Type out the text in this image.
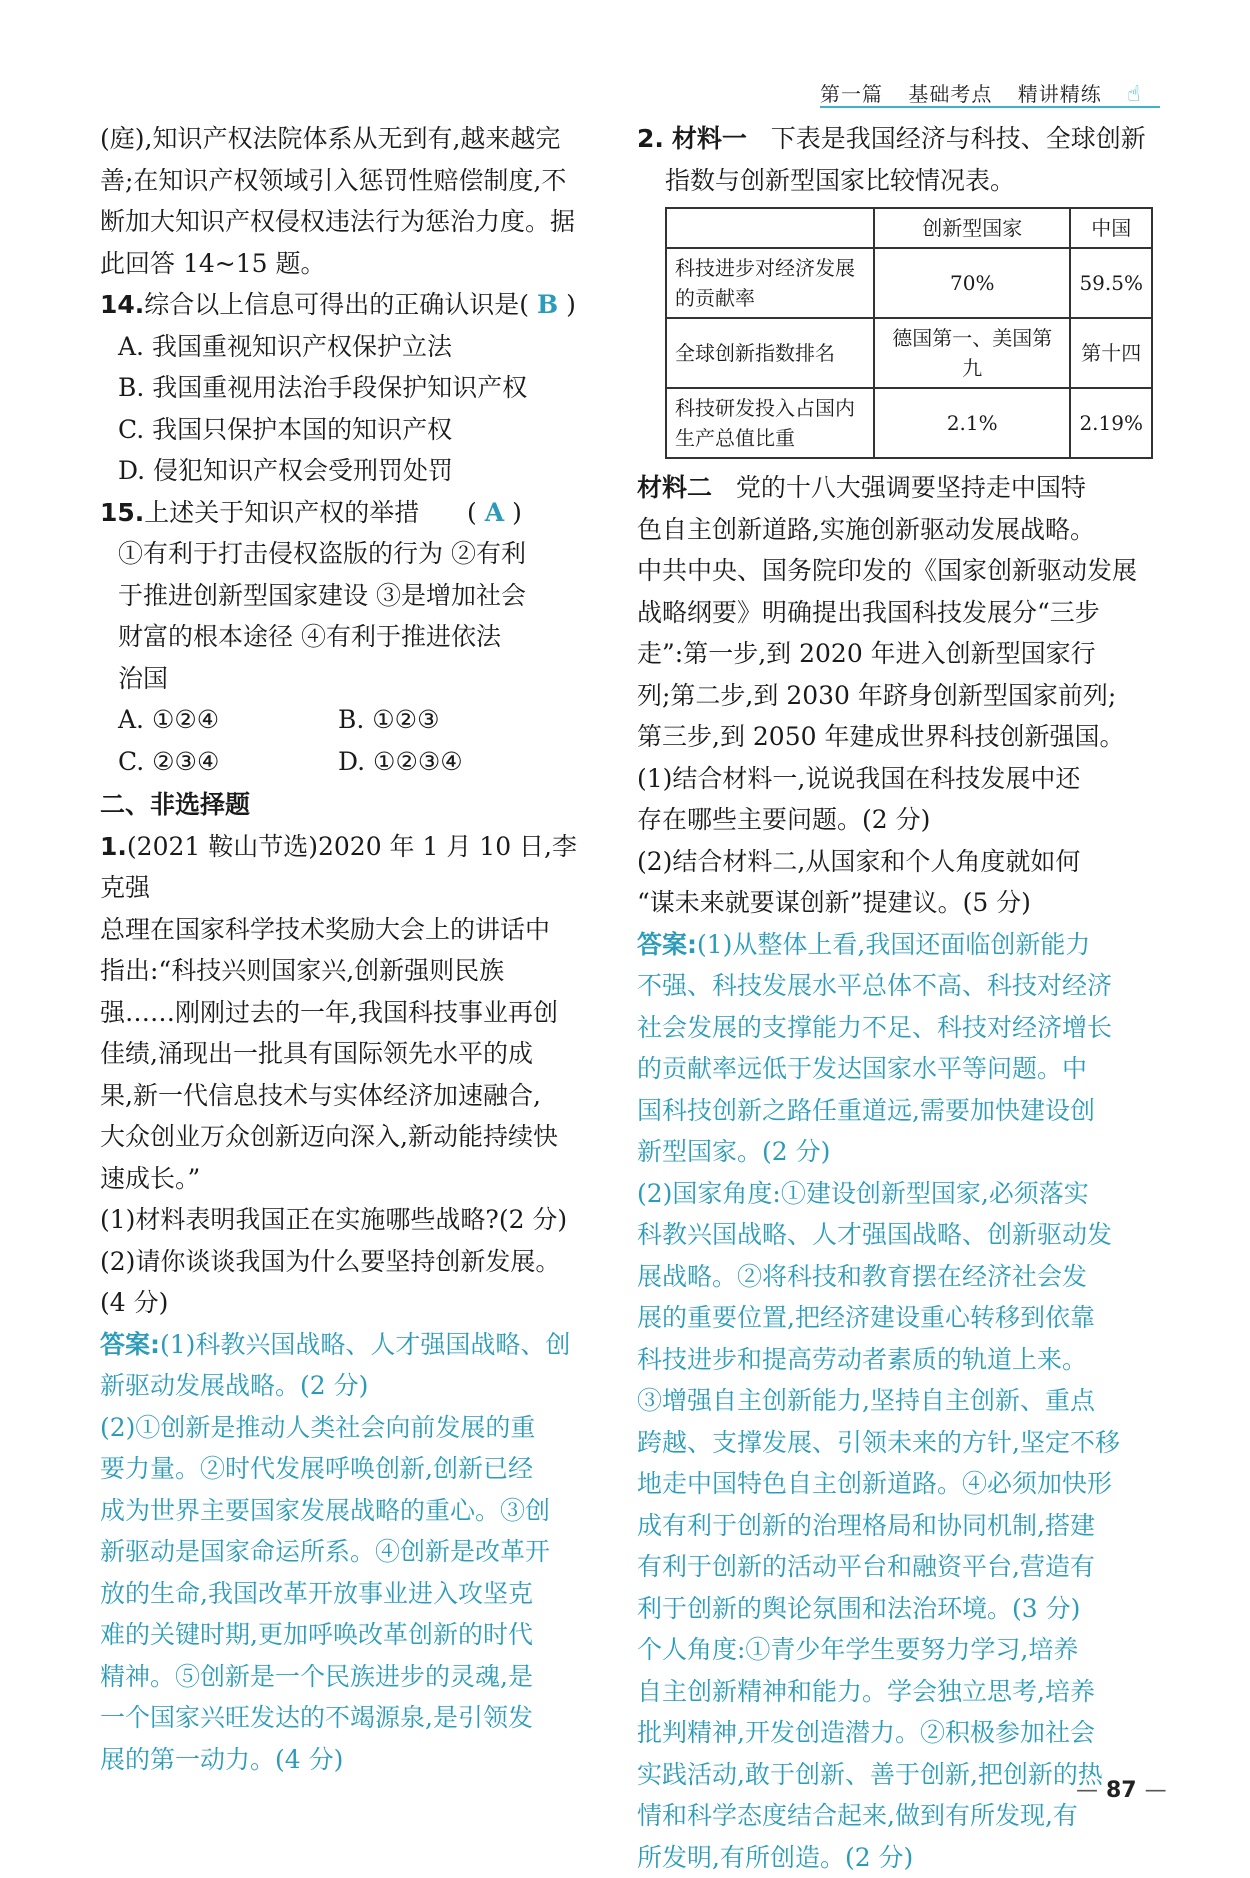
第一篇 基础考点 精讲精练 ☝

(庭),知识产权法院体系从无到有,越来越完

善;在知识产权领域引入惩罚性赔偿制度,不

断加大知识产权侵权违法行为惩治力度。据

此回答 14~15 题。

14.综合以上信息可得出的正确认识是( B )

A. 我国重视知识产权保护立法

B. 我国重视用法治手段保护知识产权

C. 我国只保护本国的知识产权

D. 侵犯知识产权会受刑罚处罚

15.上述关于知识产权的举措 ( A )

①有利于打击侵权盗版的行为 ②有利

于推进创新型国家建设 ③是增加社会

财富的根本途径 ④有利于推进依法

治国

A. ①②④	B. ①②③
C. ②③④	D. ①②③④

二、非选择题

1.(2021 鞍山节选)2020 年 1 月 10 日,李克强

总理在国家科学技术奖励大会上的讲话中

指出:“科技兴则国家兴,创新强则民族

强……刚刚过去的一年,我国科技事业再创

佳绩,涌现出一批具有国际领先水平的成

果,新一代信息技术与实体经济加速融合,

大众创业万众创新迈向深入,新动能持续快

速成长。”

(1)材料表明我国正在实施哪些战略?(2 分)

(2)请你谈谈我国为什么要坚持创新发展。

(4 分)

答案:(1)科教兴国战略、人才强国战略、创

新驱动发展战略。(2 分)

(2)①创新是推动人类社会向前发展的重

要力量。②时代发展呼唤创新,创新已经

成为世界主要国家发展战略的重心。③创

新驱动是国家命运所系。④创新是改革开

放的生命,我国改革开放事业进入攻坚克

难的关键时期,更加呼唤改革创新的时代

精神。⑤创新是一个民族进步的灵魂,是

一个国家兴旺发达的不竭源泉,是引领发

展的第一动力。(4 分)

2. 材料一 下表是我国经济与科技、全球创新

指数与创新型国家比较情况表。

	创新型国家	中国
科技进步对经济发展的贡献率	70%	59.5%
全球创新指数排名	德国第一、美国第九	第十四
科技研发投入占国内生产总值比重	2.1%	2.19%

材料二 党的十八大强调要坚持走中国特

色自主创新道路,实施创新驱动发展战略。

中共中央、国务院印发的《国家创新驱动发展

战略纲要》明确提出我国科技发展分“三步

走”:第一步,到 2020 年进入创新型国家行

列;第二步,到 2030 年跻身创新型国家前列;

第三步,到 2050 年建成世界科技创新强国。

(1)结合材料一,说说我国在科技发展中还

存在哪些主要问题。(2 分)

(2)结合材料二,从国家和个人角度就如何

“谋未来就要谋创新”提建议。(5 分)

答案:(1)从整体上看,我国还面临创新能力

不强、科技发展水平总体不高、科技对经济

社会发展的支撑能力不足、科技对经济增长

的贡献率远低于发达国家水平等问题。中

国科技创新之路任重道远,需要加快建设创

新型国家。(2 分)

(2)国家角度:①建设创新型国家,必须落实

科教兴国战略、人才强国战略、创新驱动发

展战略。②将科技和教育摆在经济社会发

展的重要位置,把经济建设重心转移到依靠

科技进步和提高劳动者素质的轨道上来。

③增强自主创新能力,坚持自主创新、重点

跨越、支撑发展、引领未来的方针,坚定不移

地走中国特色自主创新道路。④必须加快形

成有利于创新的治理格局和协同机制,搭建

有利于创新的活动平台和融资平台,营造有

利于创新的舆论氛围和法治环境。(3 分)

个人角度:①青少年学生要努力学习,培养

自主创新精神和能力。学会独立思考,培养

批判精神,开发创造潜力。②积极参加社会

实践活动,敢于创新、善于创新,把创新的热

情和科学态度结合起来,做到有所发现,有

所发明,有所创造。(2 分)

— 87 —
